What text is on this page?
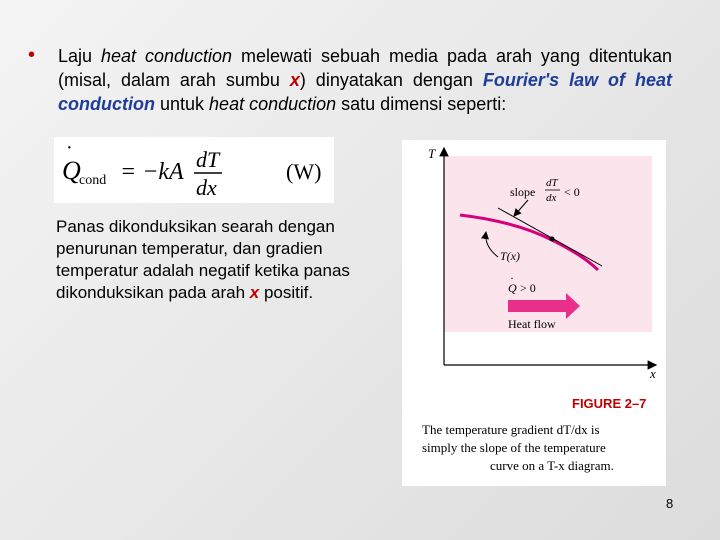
• Laju heat conduction melewati sebuah media pada arah yang ditentukan (misal, dalam arah sumbu x) dinyatakan dengan Fourier's law of heat conduction untuk heat conduction satu dimensi seperti:
Q
·
cond = −kA dT
dx
(W)
Panas dikonduksikan searah dengan penurunan temperatur, dan gradien temperatur adalah negatif ketika panas dikonduksikan pada arah x positif.
T
x
slope
dT
dx < 0
T(x)
Q
·
> 0
Heat flow
FIGURE 2–7
The temperature gradient dT/dx is
simply the slope of the temperature
curve on a T-x diagram.
8
